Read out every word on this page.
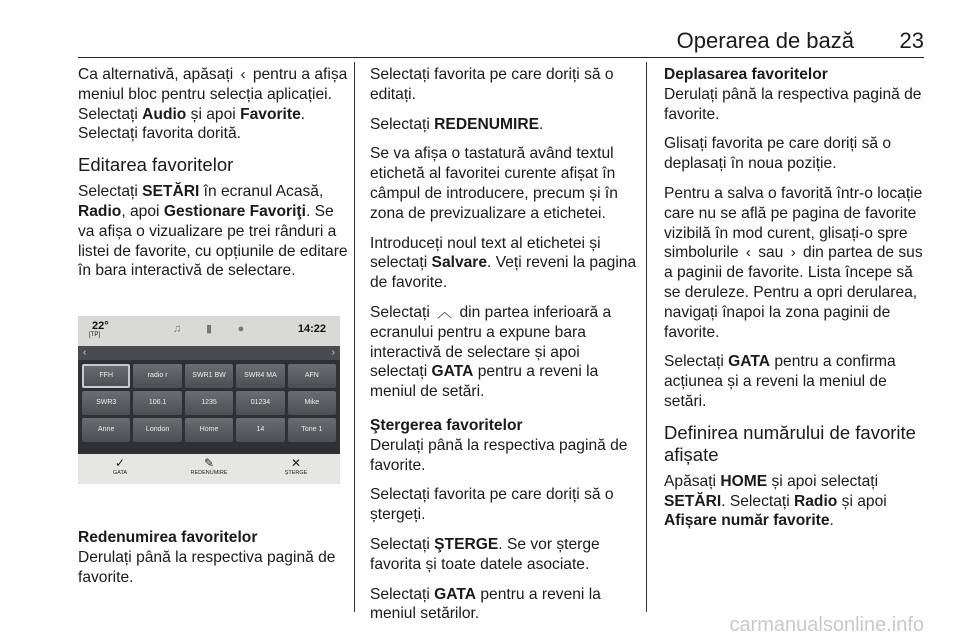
Operarea de bază 23

Ca alternativă, apăsați ‹ pentru a afișa meniul bloc pentru selecția aplicației. Selectați Audio și apoi Favorite. Selectați favorita dorită.

Editarea favoritelor

Selectați SETĂRI în ecranul Acasă, Radio, apoi Gestionare Favoriţi. Se va afișa o vizualizare pe trei rânduri a listei de favorite, cu opțiunile de editare în bara interactivă de selectare.

22°
[TP]	♫	▮	●	14:22
‹	›
FFH	radio r	SWR1 BW	SWR4 MA	AFN
SWR3	106.1	1235	01234	Mike
Anne	London	Home	14	Tone 1
✓
GATA
✎
REDENUMIRE
✕
ŞTERGE
Redenumirea favoritelor

Derulați până la respectiva pagină de favorite.

Selectați favorita pe care doriți să o editați.

Selectați REDENUMIRE.

Se va afișa o tastatură având textul etichetă al favoritei curente afișat în câmpul de introducere, precum și în zona de previzualizare a etichetei.

Introduceți noul text al etichetei și selectați Salvare. Veți reveni la pagina de favorite.

Selectați ︿ din partea inferioară a ecranului pentru a expune bara interactivă de selectare și apoi selectați GATA pentru a reveni la meniul de setări.

Ştergerea favoritelor

Derulați până la respectiva pagină de favorite.

Selectați favorita pe care doriți să o ștergeți.

Selectați ŞTERGE. Se vor șterge favorita și toate datele asociate.

Selectați GATA pentru a reveni la meniul setărilor.

Deplasarea favoritelor

Derulați până la respectiva pagină de favorite.

Glisați favorita pe care doriți să o deplasați în noua poziție.

Pentru a salva o favorită într-o locație care nu se află pe pagina de favorite vizibilă în mod curent, glisați-o spre simbolurile ‹ sau › din partea de sus a paginii de favorite. Lista începe să se deruleze. Pentru a opri derularea, navigați înapoi la zona paginii de favorite.

Selectați GATA pentru a confirma acțiunea și a reveni la meniul de setări.

Definirea numărului de favorite afișate

Apăsați HOME și apoi selectați SETĂRI. Selectați Radio și apoi Afișare număr favorite.

carmanualsonline.info
